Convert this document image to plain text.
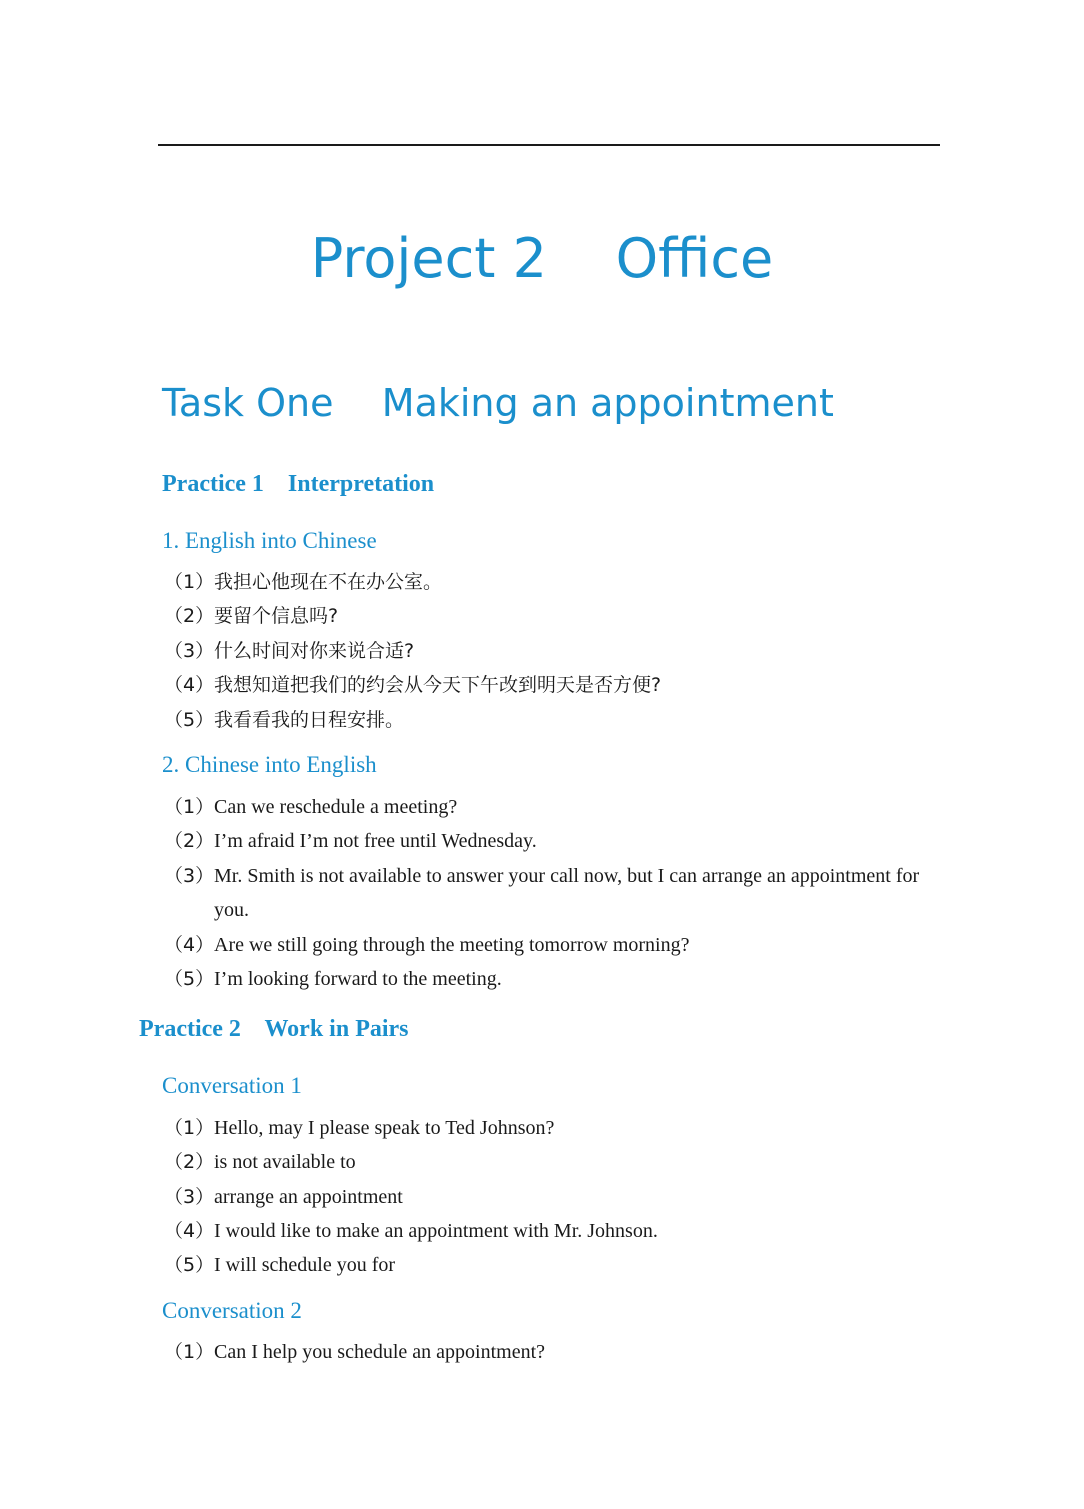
Project 2    Office
Task One    Making an appointment
Practice 1    Interpretation
1. English into Chinese
（1） 我担心他现在不在办公室。
（2） 要留个信息吗?
（3） 什么时间对你来说合适?
（4） 我想知道把我们的约会从今天下午改到明天是否方便?
（5） 我看看我的日程安排。
2. Chinese into English
（1） Can we reschedule a meeting?
（2） I’m afraid I’m not free until Wednesday.
（3） Mr. Smith is not available to answer your call now, but I can arrange an appointment for you.
（4） Are we still going through the meeting tomorrow morning?
（5） I’m looking forward to the meeting.
Practice 2    Work in Pairs
Conversation 1
（1） Hello, may I please speak to Ted Johnson?
（2） is not available to
（3） arrange an appointment
（4） I would like to make an appointment with Mr. Johnson.
（5） I will schedule you for
Conversation 2
（1） Can I help you schedule an appointment?
